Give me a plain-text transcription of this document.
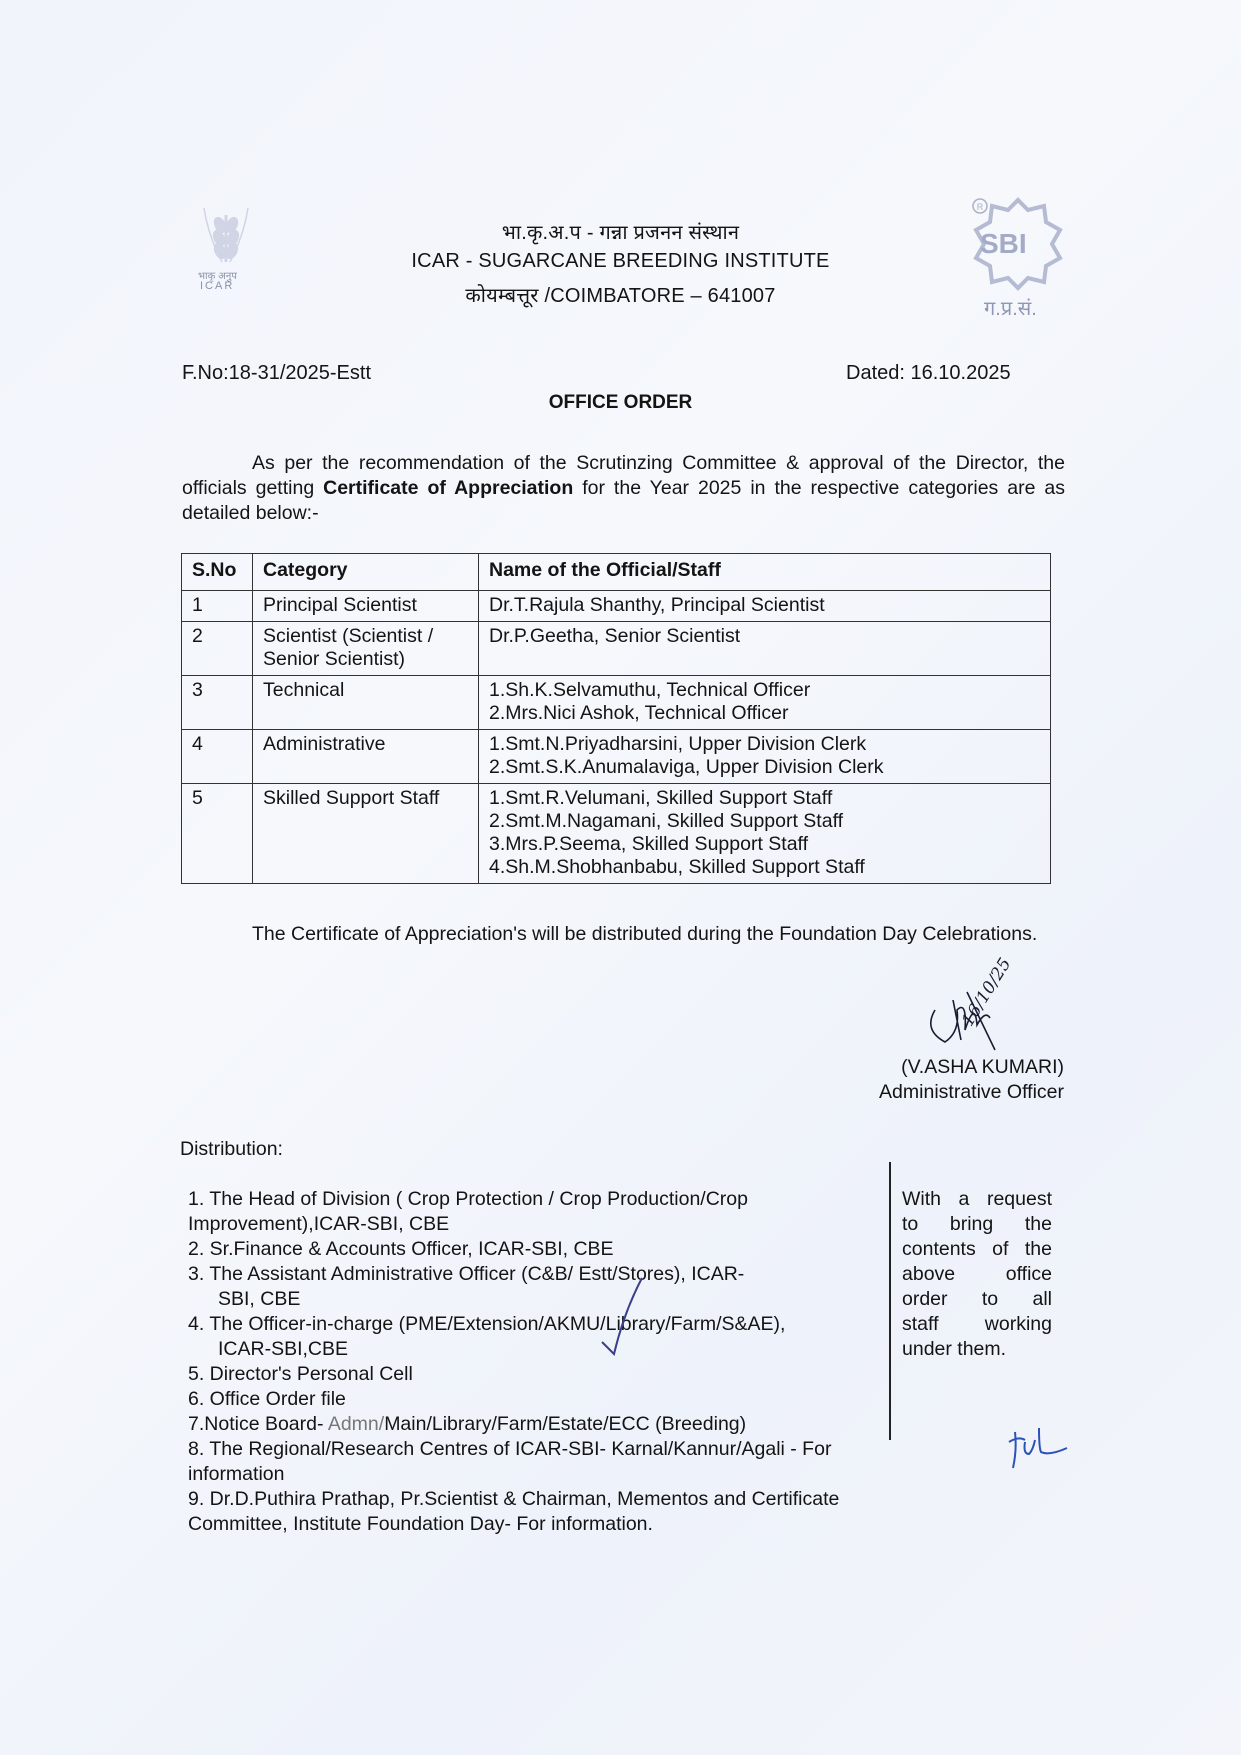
भाकृ अनुप
ICAR
भा.कृ.अ.प - गन्ना प्रजनन संस्थान
ICAR - SUGARCANE BREEDING INSTITUTE
कोयम्बत्तूर /COIMBATORE – 641007
R
SBI
ग.प्र.सं.
F.No:18-31/2025-Estt	Dated: 16.10.2025
OFFICE ORDER
As per the recommendation of the Scrutinzing Committee & approval of the Director, the officials getting Certificate of Appreciation for the Year 2025 in the respective categories are as detailed below:-
S.No	Category	Name of the Official/Staff
1	Principal Scientist	Dr.T.Rajula Shanthy, Principal Scientist

2	Scientist (Scientist / Senior Scientist)	Dr.P.Geetha, Senior Scientist

3	Technical	1.Sh.K.Selvamuthu, Technical Officer
2.Mrs.Nici Ashok, Technical Officer

4	Administrative	1.Smt.N.Priyadharsini, Upper Division Clerk
2.Smt.S.K.Anumalaviga, Upper Division Clerk

5	Skilled Support Staff	1.Smt.R.Velumani, Skilled Support Staff
2.Smt.M.Nagamani, Skilled Support Staff
3.Mrs.P.Seema, Skilled Support Staff
4.Sh.M.Shobhanbabu, Skilled Support Staff
The Certificate of Appreciation's will be distributed during the Foundation Day Celebrations.
16/10/25
(V.ASHA KUMARI)
Administrative Officer
Distribution:
1. The Head of Division ( Crop Protection / Crop Production/Crop
Improvement),ICAR-SBI, CBE
2. Sr.Finance & Accounts Officer, ICAR-SBI, CBE
3. The Assistant Administrative Officer (C&B/ Estt/Stores), ICAR-
SBI, CBE
4. The Officer-in-charge (PME/Extension/AKMU/Library/Farm/S&AE),
ICAR-SBI,CBE
5. Director's Personal Cell
6. Office Order file
7.Notice Board- Admn/Main/Library/Farm/Estate/ECC (Breeding)
8. The Regional/Research Centres of ICAR-SBI- Karnal/Kannur/Agali - For
information
9. Dr.D.Puthira Prathap, Pr.Scientist & Chairman, Mementos and Certificate
Committee, Institute Foundation Day- For information.
With a request
to bring the
contents of the
above office
order to all
staff working
under them.
